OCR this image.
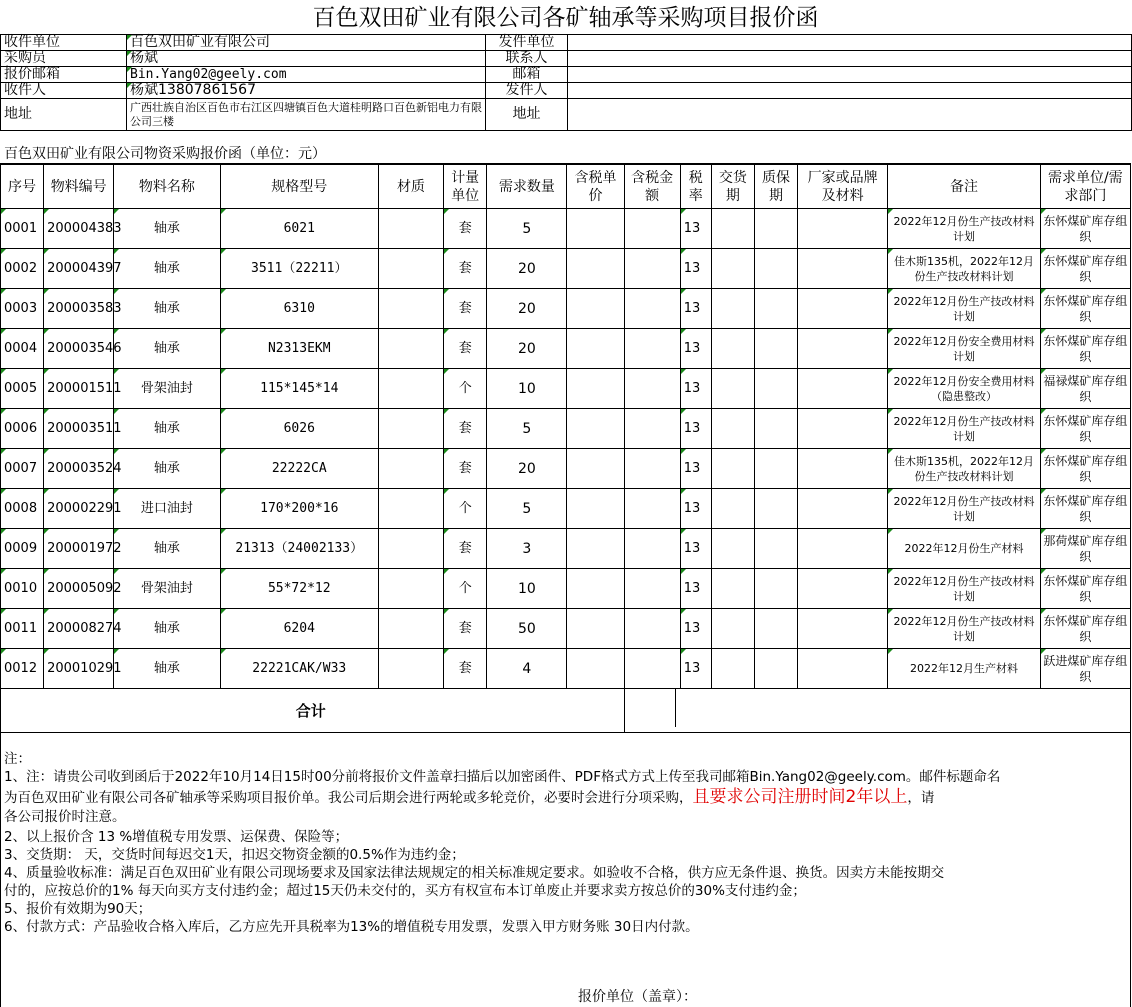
百色双田矿业有限公司各矿轴承等采购项目报价函
收件单位	百色双田矿业有限公司	发件单位	
采购员	杨斌	联系人	
报价邮箱	Bin.Yang02@geely.com	邮箱	
收件人	杨斌13807861567	发件人	
地址	广西壮族自治区百色市右江区四塘镇百色大道桂明路口百色新铝电力有限公司三楼	地址	
百色双田矿业有限公司物资采购报价函（单位：元）
序号	物料编号	物料名称	规格型号	材质	计量单位	需求数量	含税单价	含税金额	税率	交货期	质保期	厂家或品牌及材料	备注	需求单位/需求部门
0001	200004383	轴承	6021		套	5			13				2022年12月份生产技改材料计划	东怀煤矿库存组织
0002	200004397	轴承	3511（22211）		套	20			13				佳木斯135机，2022年12月份生产技改材料计划	东怀煤矿库存组织
0003	200003583	轴承	6310		套	20			13				2022年12月份生产技改材料计划	东怀煤矿库存组织
0004	200003546	轴承	N2313EKM		套	20			13				2022年12月份安全费用材料计划	东怀煤矿库存组织
0005	200001511	骨架油封	115*145*14		个	10			13				2022年12月份安全费用材料（隐患整改）	福禄煤矿库存组织
0006	200003511	轴承	6026		套	5			13				2022年12月份生产技改材料计划	东怀煤矿库存组织
0007	200003524	轴承	22222CA		套	20			13				佳木斯135机，2022年12月份生产技改材料计划	东怀煤矿库存组织
0008	200002291	进口油封	170*200*16		个	5			13				2022年12月份生产技改材料计划	东怀煤矿库存组织
0009	200001972	轴承	21313（24002133）		套	3			13				2022年12月份生产材料	那荷煤矿库存组织
0010	200005092	骨架油封	55*72*12		个	10			13				2022年12月份生产技改材料计划	东怀煤矿库存组织
0011	200008274	轴承	6204		套	50			13				2022年12月份生产技改材料计划	东怀煤矿库存组织
0012	200010291	轴承	22221CAK/W33		套	4			13				2022年12月生产材料	跃进煤矿库存组织
合计														
注：
1、注：请贵公司收到函后于2022年10月14日15时00分前将报价文件盖章扫描后以加密函件、PDF格式方式上传至我司邮箱Bin.Yang02@geely.com。邮件标题命名
为百色双田矿业有限公司各矿轴承等采购项目报价单。我公司后期会进行两轮或多轮竞价，必要时会进行分项采购，且要求公司注册时间2年以上，请
各公司报价时注意。
2、以上报价含 13 %增值税专用发票、运保费、保险等；
3、交货期： 天，交货时间每迟交1天，扣迟交物资金额的0.5%作为违约金；
4、质量验收标准：满足百色双田矿业有限公司现场要求及国家法律法规规定的相关标准规定要求。如验收不合格，供方应无条件退、换货。因卖方未能按期交
付的，应按总价的1% 每天向买方支付违约金；超过15天仍未交付的，买方有权宣布本订单废止并要求卖方按总价的30%支付违约金；
5、报价有效期为90天；
6、付款方式：产品验收合格入库后，乙方应先开具税率为13%的增值税专用发票，发票入甲方财务账 30日内付款。
报价单位（盖章）：
